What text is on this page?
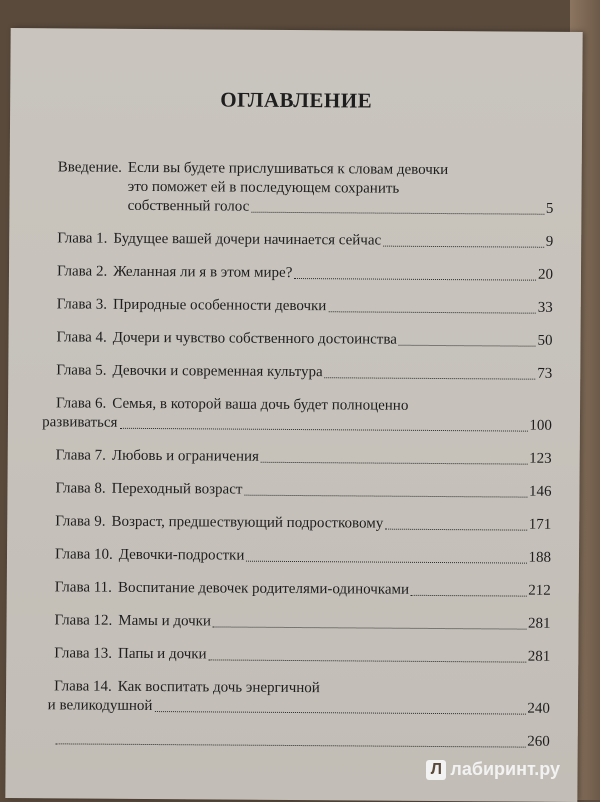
ОГЛАВЛЕНИЕ
Введение. Если вы будете прислушиваться к словам девочки
это поможет ей в последующем сохранить
собственный голос	5
Глава 1. Будущее вашей дочери начинается сейчас	9
Глава 2. Желанная ли я в этом мире?	20
Глава 3. Природные особенности девочки	33
Глава 4. Дочери и чувство собственного достоинства	50
Глава 5. Девочки и современная культура	73
Глава 6. Семья, в которой ваша дочь будет полноценно
развиваться	100
Глава 7. Любовь и ограничения	123
Глава 8. Переходный возраст	146
Глава 9. Возраст, предшествующий подростковому	171
Глава 10. Девочки-подростки	188
Глава 11. Воспитание девочек родителями-одиночками	212
Глава 12. Мамы и дочки	281
Глава 13. Папы и дочки	281
Глава 14. Как воспитать дочь энергичной
и великодушной	240
260
Л лабиринт.ру
